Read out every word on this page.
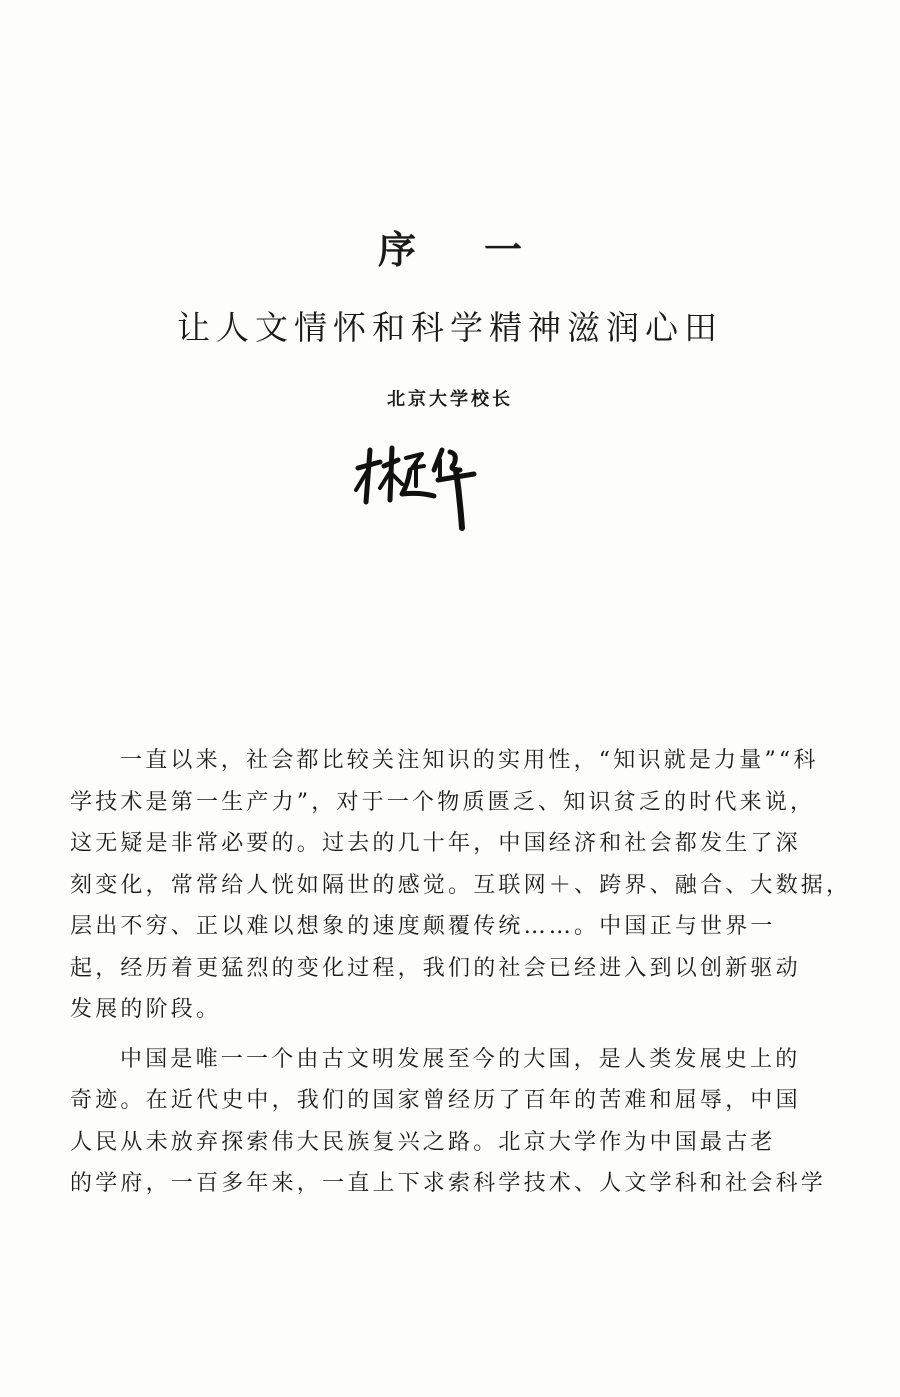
序一
让人文情怀和科学精神滋润心田
北京大学校长

一直以来，社会都比较关注知识的实用性，“知识就是力量”“科
学技术是第一生产力”，对于一个物质匮乏、知识贫乏的时代来说，
这无疑是非常必要的。过去的几十年，中国经济和社会都发生了深
刻变化，常常给人恍如隔世的感觉。互联网＋、跨界、融合、大数据，
层出不穷、正以难以想象的速度颠覆传统……。中国正与世界一
起，经历着更猛烈的变化过程，我们的社会已经进入到以创新驱动
发展的阶段。

中国是唯一一个由古文明发展至今的大国，是人类发展史上的
奇迹。在近代史中，我们的国家曾经历了百年的苦难和屈辱，中国
人民从未放弃探索伟大民族复兴之路。北京大学作为中国最古老
的学府，一百多年来，一直上下求索科学技术、人文学科和社会科学
